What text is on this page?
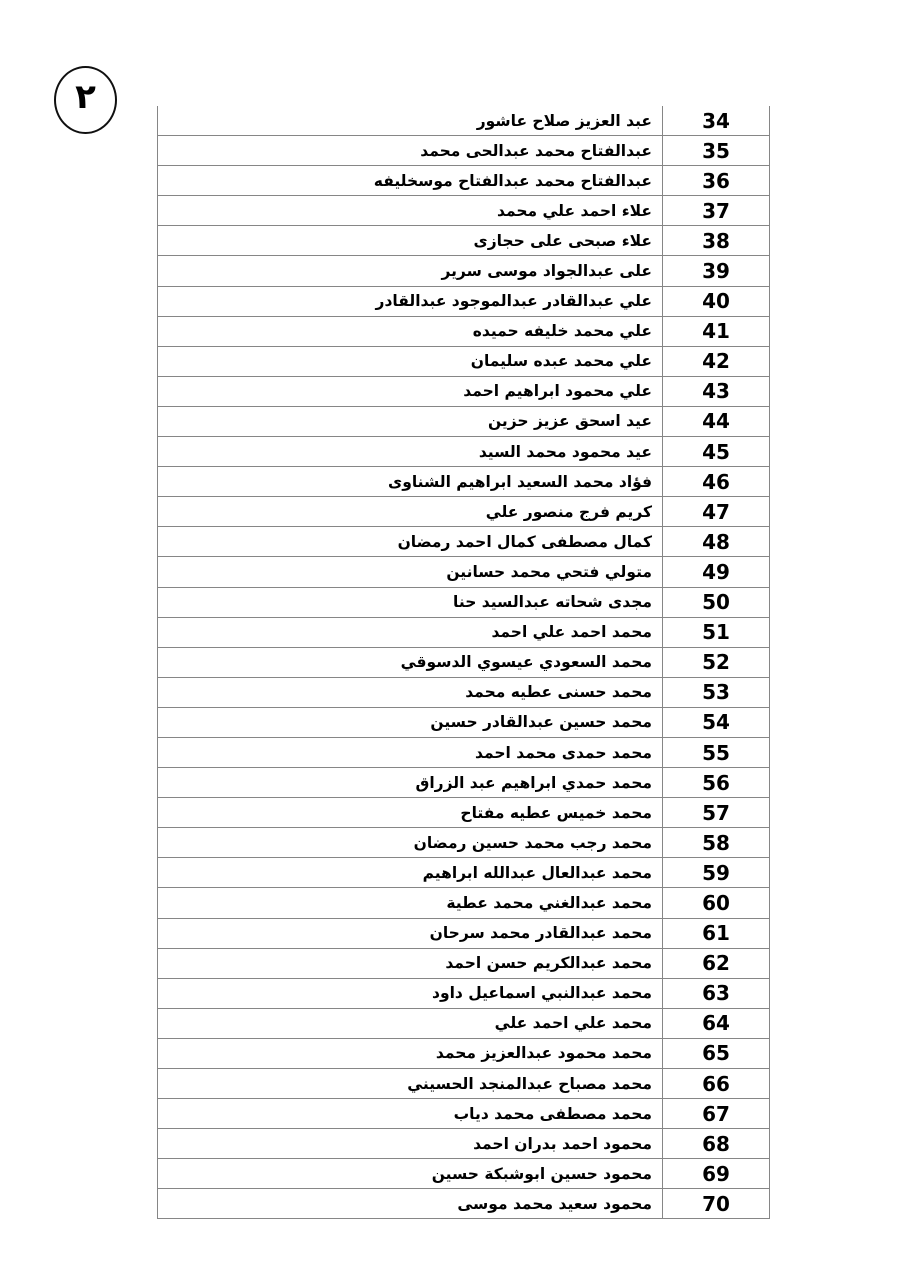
٢
34	عبد العزيز صلاح عاشور
35	عبدالفتاح محمد عبدالحى محمد
36	عبدالفتاح محمد عبدالفتاح موسخليفه
37	علاء احمد علي محمد
38	علاء صبحى على حجازى
39	على عبدالجواد موسى سرير
40	علي عبدالقادر عبدالموجود عبدالقادر
41	علي محمد خليفه حميده
42	علي محمد عبده سليمان
43	علي محمود ابراهيم احمد
44	عيد اسحق عزيز حزين
45	عيد محمود محمد السيد
46	فؤاد محمد السعيد ابراهيم الشناوى
47	كريم فرج منصور علي
48	كمال مصطفى كمال احمد رمضان
49	متولي فتحي محمد حسانين
50	مجدى شحاته عبدالسيد حنا
51	محمد احمد علي احمد
52	محمد السعودي عيسوي الدسوقي
53	محمد حسنى عطيه محمد
54	محمد حسين عبدالقادر حسين
55	محمد حمدى محمد احمد
56	محمد حمدي ابراهيم عبد الزراق
57	محمد خميس عطيه مفتاح
58	محمد رجب محمد حسين رمضان
59	محمد عبدالعال عبدالله ابراهيم
60	محمد عبدالغني محمد عطية
61	محمد عبدالقادر محمد سرحان
62	محمد عبدالكريم حسن احمد
63	محمد عبدالنبي اسماعيل داود
64	محمد علي احمد علي
65	محمد محمود عبدالعزيز محمد
66	محمد مصباح عبدالمنجد الحسيني
67	محمد مصطفى محمد دياب
68	محمود احمد بدران احمد
69	محمود حسين ابوشبكة حسين
70	محمود سعيد محمد موسى
